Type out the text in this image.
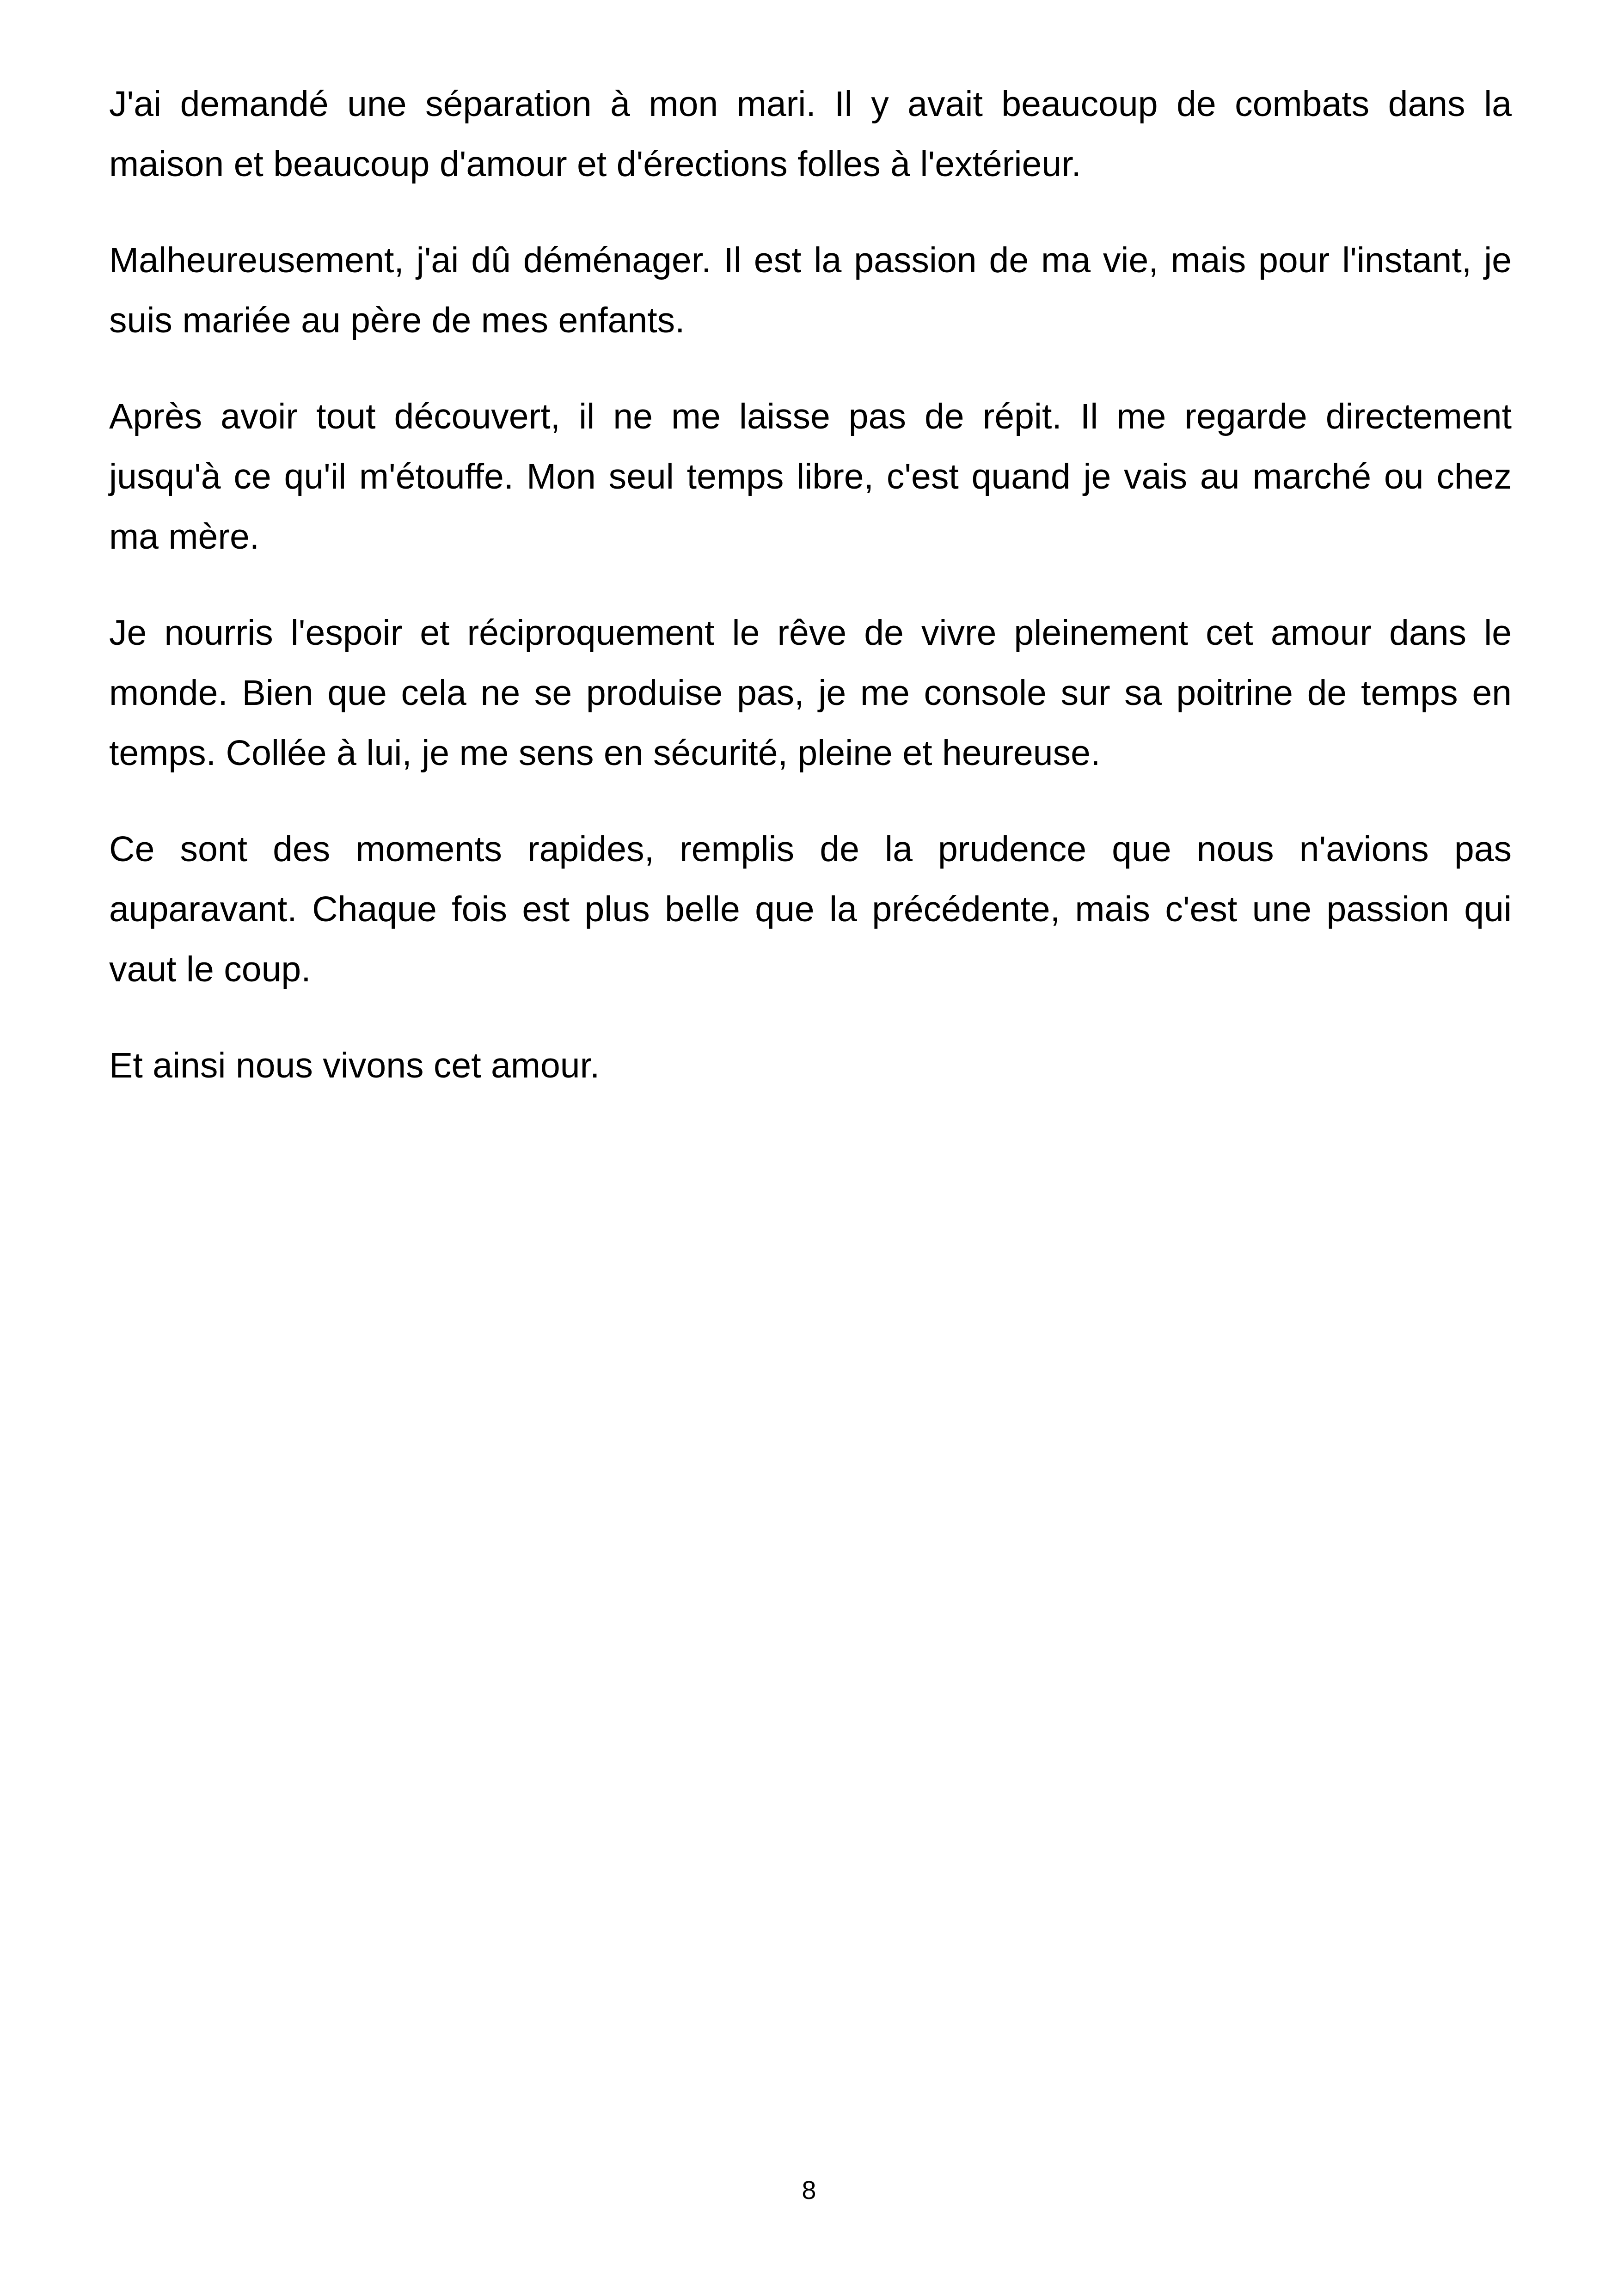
J'ai demandé une séparation à mon mari. Il y avait beaucoup de combats dans la maison et beaucoup d'amour et d'érections folles à l'extérieur.

Malheureusement, j'ai dû déménager. Il est la passion de ma vie, mais pour l'instant, je suis mariée au père de mes enfants.

Après avoir tout découvert, il ne me laisse pas de répit. Il me regarde directement jusqu'à ce qu'il m'étouffe. Mon seul temps libre, c'est quand je vais au marché ou chez ma mère.

Je nourris l'espoir et réciproquement le rêve de vivre pleinement cet amour dans le monde. Bien que cela ne se produise pas, je me console sur sa poitrine de temps en temps. Collée à lui, je me sens en sécurité, pleine et heureuse.

Ce sont des moments rapides, remplis de la prudence que nous n'avions pas auparavant. Chaque fois est plus belle que la précédente, mais c'est une passion qui vaut le coup.

Et ainsi nous vivons cet amour.

8
